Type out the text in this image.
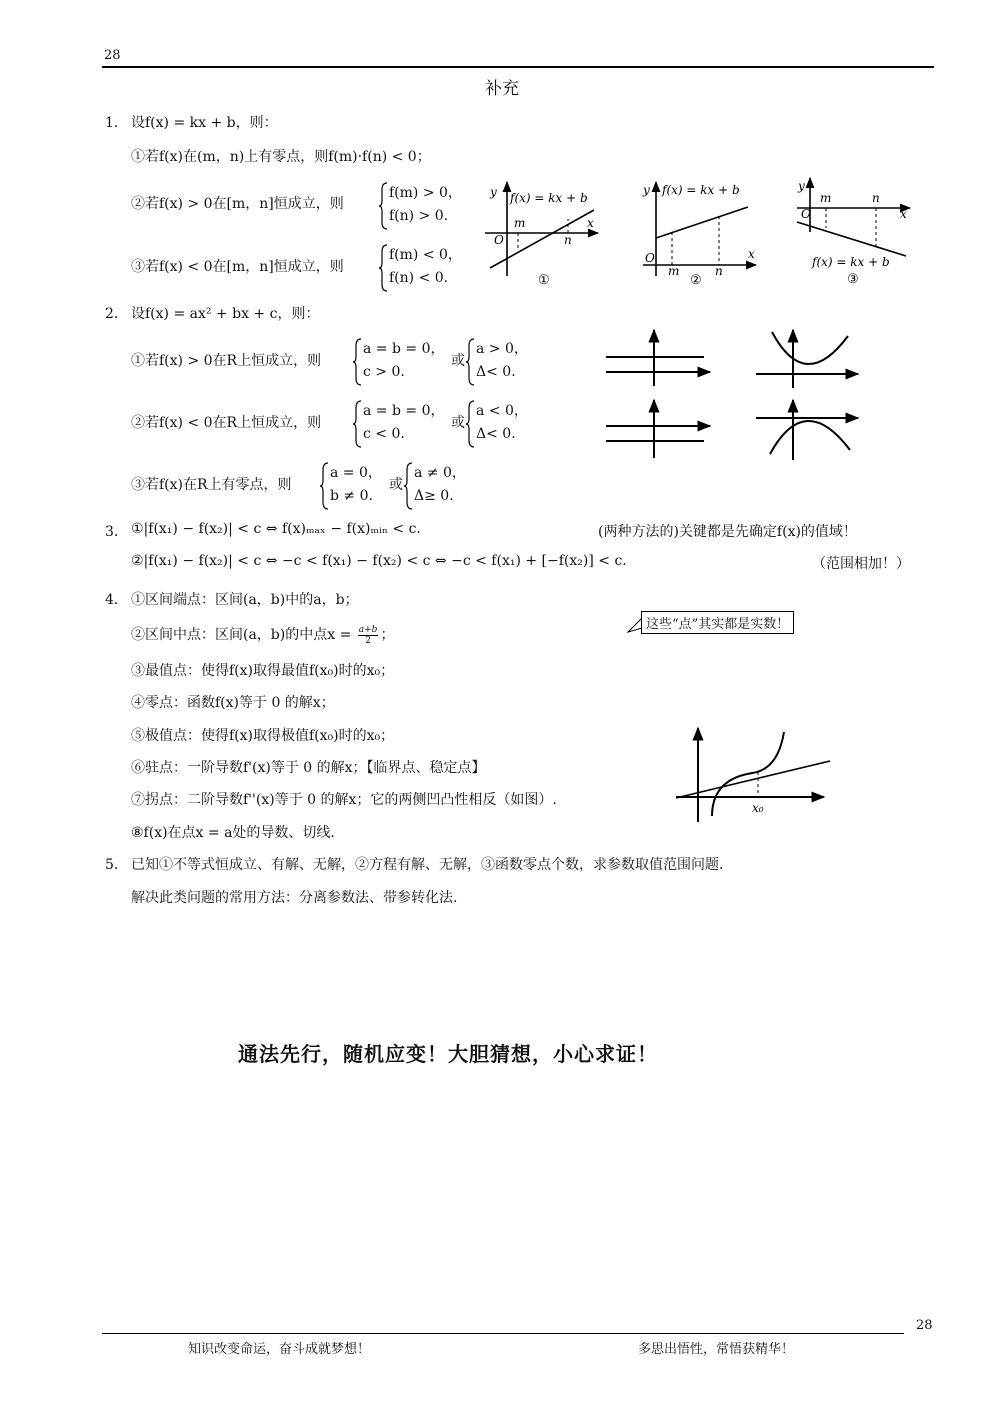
28
补充
1． 设f(x) = kx + b，则：
①若f(x)在(m，n)上有零点，则f(m)·f(n) < 0；
②若f(x) > 0在[m，n]恒成立，则
f(m) > 0，
f(n) > 0.
③若f(x) < 0在[m，n]恒成立，则
f(m) < 0，
f(n) < 0.
y f(x) = kx + b
m	x
O	n
①
y f(x) = kx + b
O	x
m	n
②
y
m	n
O	x
f(x) = kx + b
③
2． 设f(x) = ax² + bx + c，则：
①若f(x) > 0在R上恒成立，则
a = b = 0，
c > 0.
或
a > 0，
Δ< 0.
②若f(x) < 0在R上恒成立，则
a = b = 0，
c < 0.
或
a < 0，
Δ< 0.
③若f(x)在R上有零点，则
a = 0，
b ≠ 0.
或
a ≠ 0，
Δ≥ 0.
3． ①|f(x₁) − f(x₂)| < c ⇔ f(x)ₘₐₓ − f(x)ₘᵢₙ < c.	(两种方法的)关键都是先确定f(x)的值域！
②|f(x₁) − f(x₂)| < c ⇔ −c < f(x₁) − f(x₂) < c ⇔ −c < f(x₁) + [−f(x₂)] < c.	（范围相加！）
4． ①区间端点：区间(a，b)中的a，b；
②区间中点：区间(a，b)的中点$x = \frac{a+b}{2}$ ；
这些“点”其实都是实数！
③最值点：使得f(x)取得最值f(x₀)时的x₀；
④零点：函数f(x)等于 0 的解x；
⑤极值点：使得f(x)取得极值f(x₀)时的x₀；
⑥驻点：一阶导数f'(x)等于 0 的解x；【临界点、稳定点】
⑦拐点：二阶导数f''(x)等于 0 的解x；它的两侧凹凸性相反（如图）.
⑧f(x)在点x = a处的导数、切线.
x₀
5． 已知①不等式恒成立、有解、无解，②方程有解、无解，③函数零点个数，求参数取值范围问题.
解决此类问题的常用方法：分离参数法、带参转化法.
通法先行，随机应变！大胆猜想，小心求证！
28
知识改变命运，奋斗成就梦想！	多思出悟性，常悟获精华！
